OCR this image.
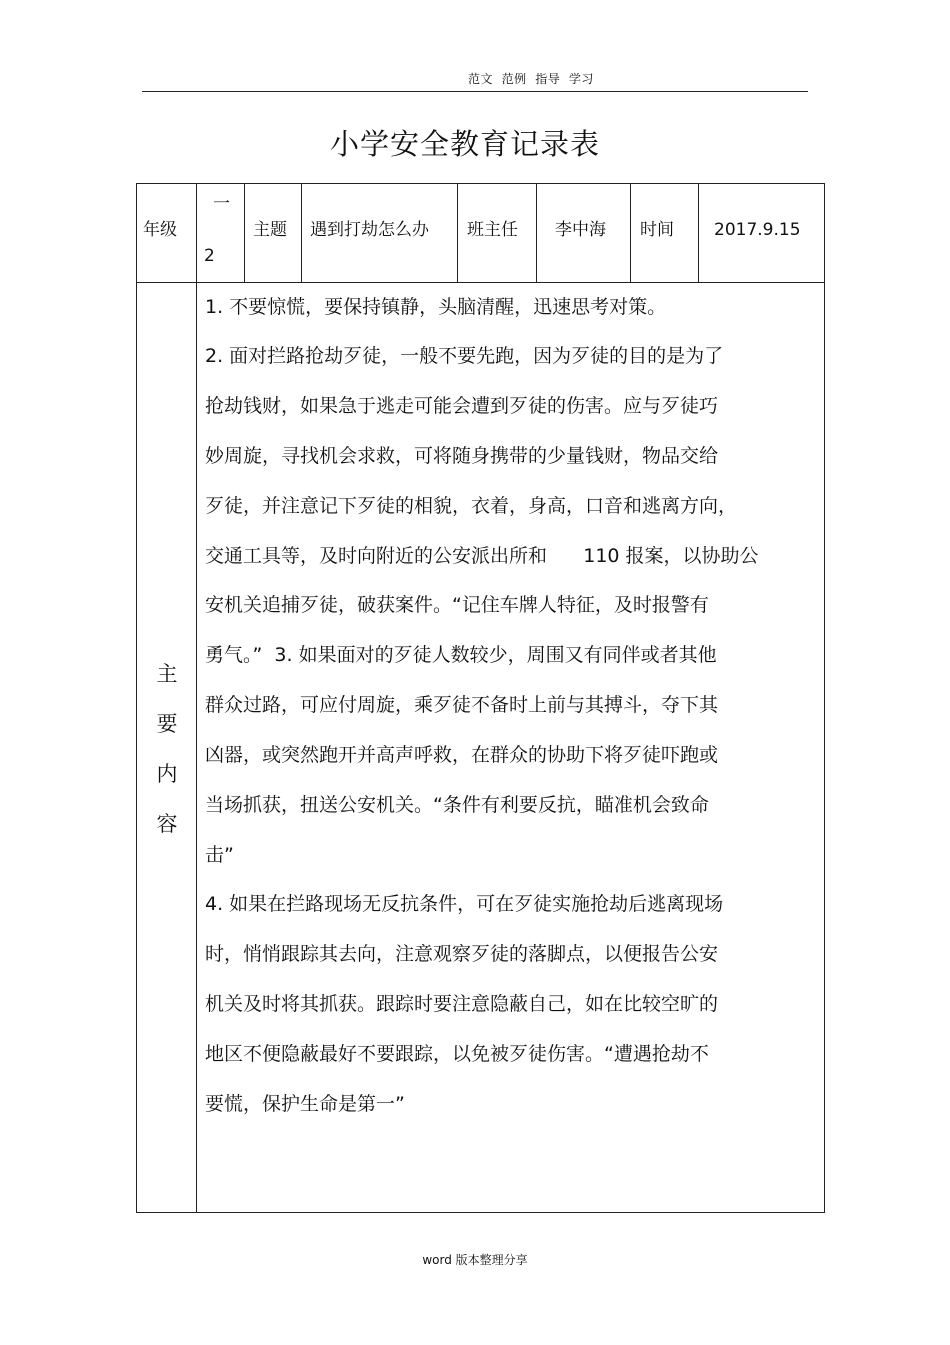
范文  范例  指导  学习
小学安全教育记录表
年级
一
2
主题 遇到打劫怎么办 班主任 李中海 时间 2017.9.15
主
要
内
容
1. 不要惊慌，要保持镇静，头脑清醒，迅速思考对策。
2. 面对拦路抢劫歹徒，一般不要先跑，因为歹徒的目的是为了
抢劫钱财，如果急于逃走可能会遭到歹徒的伤害。应与歹徒巧
妙周旋，寻找机会求救，可将随身携带的少量钱财，物品交给
歹徒，并注意记下歹徒的相貌，衣着，身高，口音和逃离方向，
交通工具等，及时向附近的公安派出所和      110 报案，以协助公
安机关追捕歹徒，破获案件。“记住车牌人特征，及时报警有
勇气。”  3. 如果面对的歹徒人数较少，周围又有同伴或者其他
群众过路，可应付周旋，乘歹徒不备时上前与其搏斗，夺下其
凶器，或突然跑开并高声呼救，在群众的协助下将歹徒吓跑或
当场抓获，扭送公安机关。“条件有利要反抗，瞄准机会致命
击”
4. 如果在拦路现场无反抗条件，可在歹徒实施抢劫后逃离现场
时，悄悄跟踪其去向，注意观察歹徒的落脚点，以便报告公安
机关及时将其抓获。跟踪时要注意隐蔽自己，如在比较空旷的
地区不便隐蔽最好不要跟踪，以免被歹徒伤害。“遭遇抢劫不
要慌，保护生命是第一”
word 版本整理分享
